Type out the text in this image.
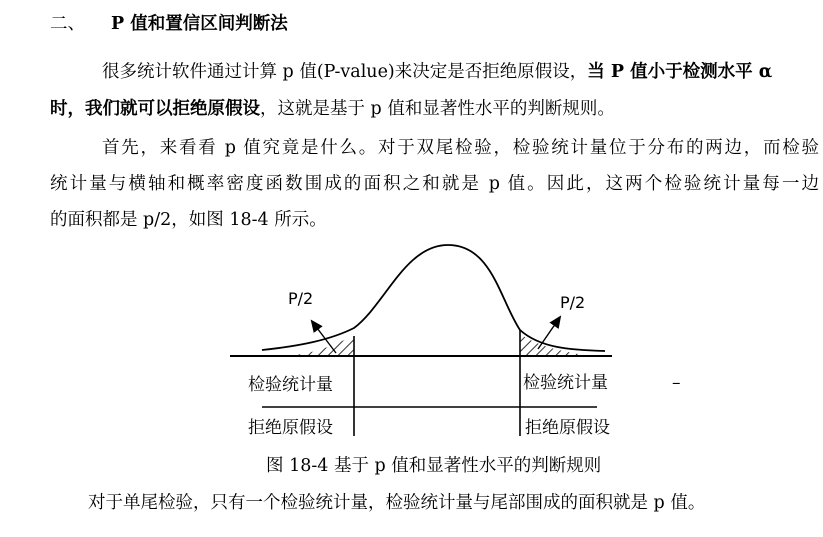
二、 P 值和置信区间判断法
很多统计软件通过计算 p 值(P-value)来决定是否拒绝原假设，当 P 值小于检测水平 α
时，我们就可以拒绝原假设，这就是基于 p 值和显著性水平的判断规则。
首先，来看看 p 值究竟是什么。对于双尾检验，检验统计量位于分布的两边，而检验
统计量与横轴和概率密度函数围成的面积之和就是 p 值。因此，这两个检验统计量每一边
的面积都是 p/2，如图 18-4 所示。
P/2	P/2
检验统计量	检验统计量	–
拒绝原假设	拒绝原假设
图 18-4 基于 p 值和显著性水平的判断规则
对于单尾检验，只有一个检验统计量，检验统计量与尾部围成的面积就是 p 值。
